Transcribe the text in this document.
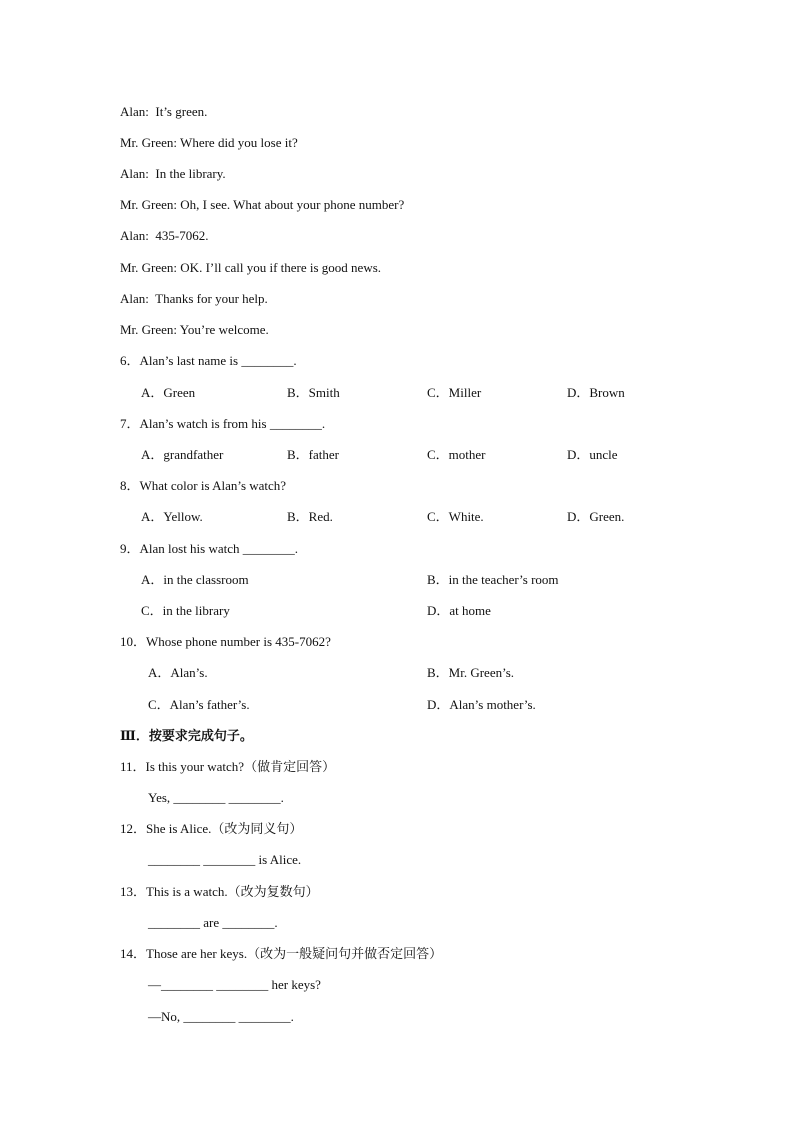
Alan:  It’s green.
Mr. Green: Where did you lose it?
Alan:  In the library.
Mr. Green: Oh, I see. What about your phone number?
Alan:  435-7062.
Mr. Green: OK. I’ll call you if there is good news.
Alan:  Thanks for your help.
Mr. Green: You’re welcome.
6．Alan’s last name is ________.
A．Green	B．Smith	C．Miller	D．Brown
7．Alan’s watch is from his ________.
A．grandfather	B．father	C．mother	D．uncle
8．What color is Alan’s watch?
A．Yellow.	B．Red.	C．White.	D．Green.
9．Alan lost his watch ________.
A．in the classroom	B．in the teacher’s room
C．in the library	D．at home
10．Whose phone number is 435-7062?
A．Alan’s.	B．Mr. Green’s.
C．Alan’s father’s.	D．Alan’s mother’s.
Ⅲ．按要求完成句子。
11．Is this your watch?（做肯定回答）
Yes, ________ ________.
12．She is Alice.（改为同义句）
________ ________ is Alice.
13．This is a watch.（改为复数句）
________ are ________.
14．Those are her keys.（改为一般疑问句并做否定回答）
—________ ________ her keys?
—No, ________ ________.
